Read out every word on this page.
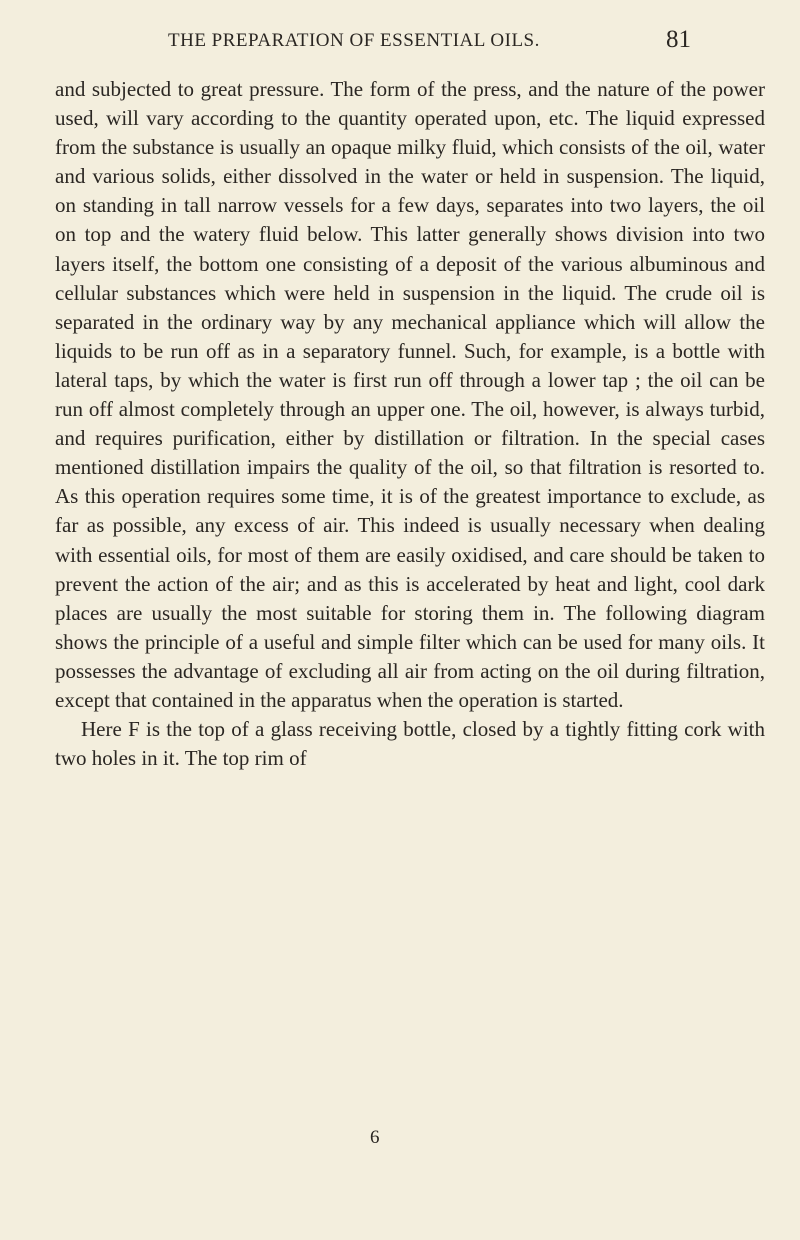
THE PREPARATION OF ESSENTIAL OILS.	81

and subjected to great pressure. The form of the press, and the nature of the power used, will vary according to the quantity operated upon, etc. The liquid expressed from the substance is usually an opaque milky fluid, which consists of the oil, water and various solids, either dissolved in the water or held in suspension. The liquid, on standing in tall narrow vessels for a few days, separates into two layers, the oil on top and the watery fluid below. This latter generally shows division into two layers itself, the bottom one consisting of a deposit of the various albuminous and cellular substances which were held in suspension in the liquid. The crude oil is separated in the ordinary way by any mechanical appliance which will allow the liquids to be run off as in a separatory funnel. Such, for example, is a bottle with lateral taps, by which the water is first run off through a lower tap ; the oil can be run off almost completely through an upper one. The oil, however, is always turbid, and requires purification, either by distillation or filtration. In the special cases mentioned distillation impairs the quality of the oil, so that filtration is resorted to. As this operation requires some time, it is of the greatest importance to exclude, as far as possible, any excess of air. This indeed is usually necessary when dealing with essential oils, for most of them are easily oxidised, and care should be taken to prevent the action of the air; and as this is accelerated by heat and light, cool dark places are usually the most suitable for storing them in. The following diagram shows the principle of a useful and simple filter which can be used for many oils. It possesses the advantage of excluding all air from acting on the oil during filtration, except that contained in the apparatus when the operation is started.

Here F is the top of a glass receiving bottle, closed by a tightly fitting cork with two holes in it. The top rim of

6
